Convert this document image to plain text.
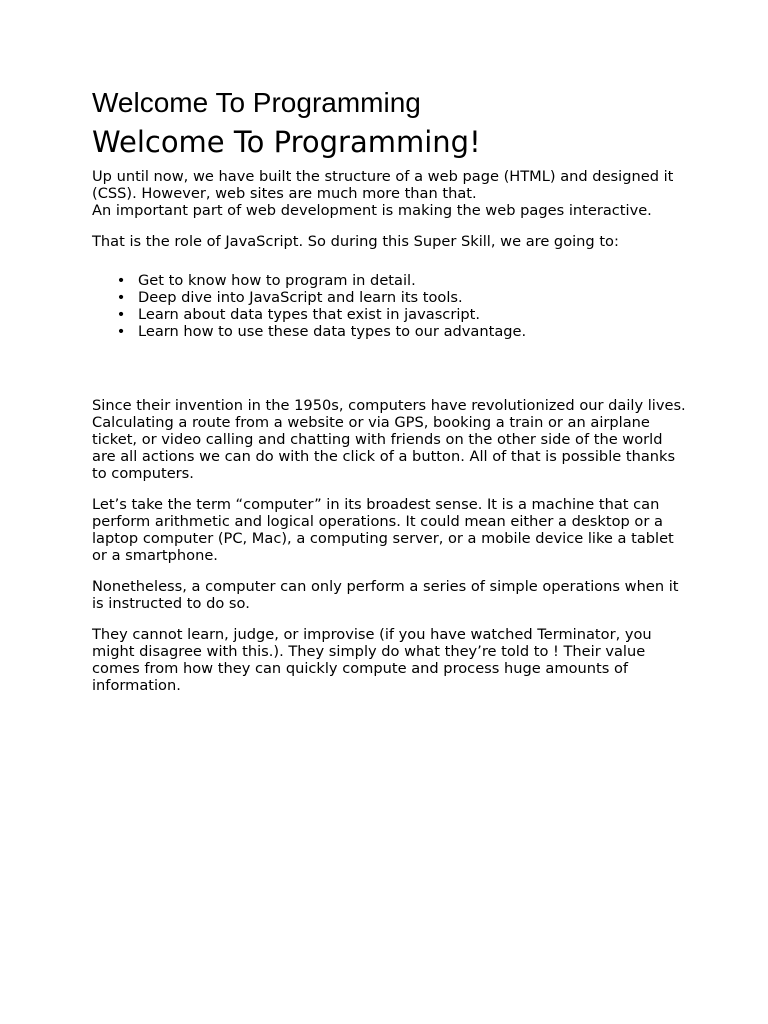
Welcome To Programming
Welcome To Programming!

Up until now, we have built the structure of a web page (HTML) and designed it (CSS). However, web sites are much more than that.
An important part of web development is making the web pages interactive.

That is the role of JavaScript. So during this Super Skill, we are going to:

• Get to know how to program in detail.
• Deep dive into JavaScript and learn its tools.
• Learn about data types that exist in javascript.
• Learn how to use these data types to our advantage.

Since their invention in the 1950s, computers have revolutionized our daily lives. Calculating a route from a website or via GPS, booking a train or an airplane ticket, or video calling and chatting with friends on the other side of the world are all actions we can do with the click of a button. All of that is possible thanks to computers.

Let’s take the term “computer” in its broadest sense. It is a machine that can perform arithmetic and logical operations. It could mean either a desktop or a laptop computer (PC, Mac), a computing server, or a mobile device like a tablet or a smartphone.

Nonetheless, a computer can only perform a series of simple operations when it is instructed to do so.

They cannot learn, judge, or improvise (if you have watched Terminator, you might disagree with this.). They simply do what they’re told to ! Their value comes from how they can quickly compute and process huge amounts of information.
